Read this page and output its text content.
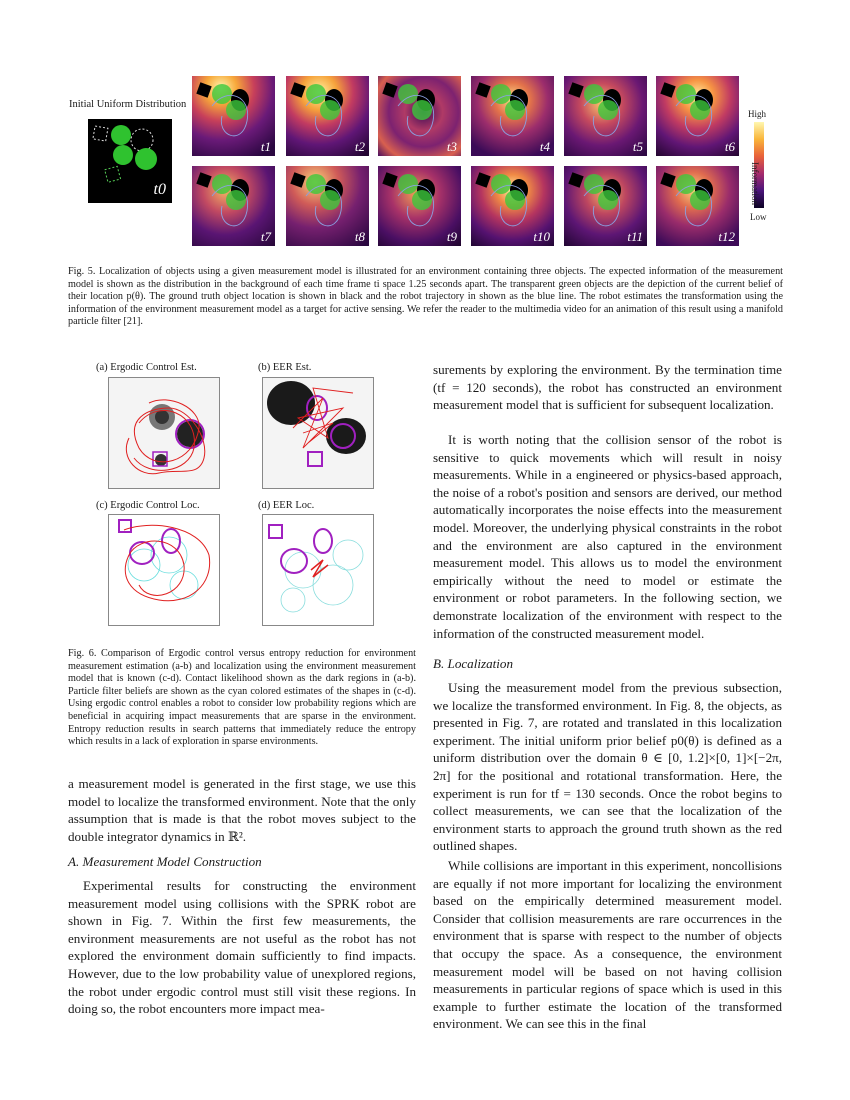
Initial Uniform Distribution
t0
High
Information
Low
t1	t2	t3	t4	t5	t6
t7	t8	t9	t10	t11	t12
Fig. 5. Localization of objects using a given measurement model is illustrated for an environment containing three objects. The expected information of the measurement model is shown as the distribution in the background of each time frame ti space 1.25 seconds apart. The transparent green objects are the depiction of the current belief of their location p(θ). The ground truth object location is shown in black and the robot trajectory in shown as the blue line. The robot estimates the transformation using the information of the environment measurement model as a target for active sensing. We refer the reader to the multimedia video for an animation of this result using a manifold particle filter [21].
(a) Ergodic Control Est.	(b) EER Est.
(c) Ergodic Control Loc.	(d) EER Loc.
Fig. 6. Comparison of Ergodic control versus entropy reduction for environment measurement estimation (a-b) and localization using the environment measurement model that is known (c-d). Contact likelihood shown as the dark regions in (a-b). Particle filter beliefs are shown as the cyan colored estimates of the shapes in (c-d). Using ergodic control enables a robot to consider low probability regions which are beneficial in acquiring impact measurements that are sparse in the environment. Entropy reduction results in search patterns that immediately reduce the entropy which results in a lack of exploration in sparse environments.
a measurement model is generated in the first stage, we use this model to localize the transformed environment. Note that the only assumption that is made is that the robot moves subject to the double integrator dynamics in ℝ².
A. Measurement Model Construction
Experimental results for constructing the environment measurement model using collisions with the SPRK robot are shown in Fig. 7. Within the first few measurements, the environment measurements are not useful as the robot has not explored the environment domain sufficiently to find impacts. However, due to the low probability value of unexplored regions, the robot under ergodic control must still visit these regions. In doing so, the robot encounters more impact mea-
surements by exploring the environment. By the termination time (tf = 120 seconds), the robot has constructed an environment measurement model that is sufficient for subsequent localization.
It is worth noting that the collision sensor of the robot is sensitive to quick movements which will result in noisy measurements. While in a engineered or physics-based approach, the noise of a robot's position and sensors are derived, our method automatically incorporates the noise effects into the measurement model. Moreover, the underlying physical constraints in the robot and the environment are also captured in the environment measurement model. This allows us to model the environment empirically without the need to model or estimate the environment or robot parameters. In the following section, we demonstrate localization of the environment with respect to the information of the constructed measurement model.
B. Localization
Using the measurement model from the previous subsection, we localize the transformed environment. In Fig. 8, the objects, as presented in Fig. 7, are rotated and translated in this localization experiment. The initial uniform prior belief p0(θ) is defined as a uniform distribution over the domain θ ∈ [0, 1.2]×[0, 1]×[−2π, 2π] for the positional and rotational transformation. Here, the experiment is run for tf = 130 seconds. Once the robot begins to collect measurements, we can see that the localization of the environment starts to approach the ground truth shown as the red outlined shapes.
While collisions are important in this experiment, noncollisions are equally if not more important for localizing the environment based on the empirically determined measurement model. Consider that collision measurements are rare occurrences in the environment that is sparse with respect to the number of objects that occupy the space. As a consequence, the environment measurement model will be based on not having collision measurements in particular regions of space which is used in this example to further estimate the location of the transformed environment. We can see this in the final
